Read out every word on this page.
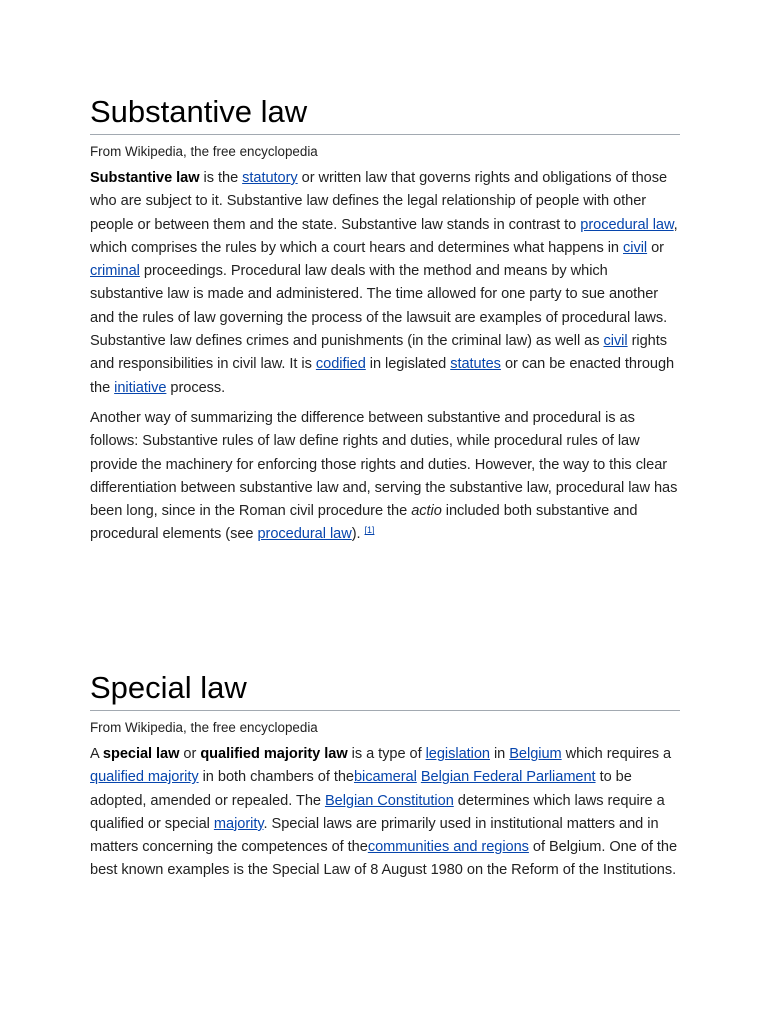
Substantive law
From Wikipedia, the free encyclopedia

Substantive law is the statutory or written law that governs rights and obligations of those who are subject to it. Substantive law defines the legal relationship of people with other people or between them and the state. Substantive law stands in contrast to procedural law, which comprises the rules by which a court hears and determines what happens in civil or criminal proceedings. Procedural law deals with the method and means by which substantive law is made and administered. The time allowed for one party to sue another and the rules of law governing the process of the lawsuit are examples of procedural laws. Substantive law defines crimes and punishments (in the criminal law) as well as civil rights and responsibilities in civil law. It is codified in legislated statutes or can be enacted through the initiative process.

Another way of summarizing the difference between substantive and procedural is as follows: Substantive rules of law define rights and duties, while procedural rules of law provide the machinery for enforcing those rights and duties. However, the way to this clear differentiation between substantive law and, serving the substantive law, procedural law has been long, since in the Roman civil procedure the actio included both substantive and procedural elements (see procedural law). [1]

Special law
From Wikipedia, the free encyclopedia

A special law or qualified majority law is a type of legislation in Belgium which requires a qualified majority in both chambers of thebicameral Belgian Federal Parliament to be adopted, amended or repealed. The Belgian Constitution determines which laws require a qualified or special majority. Special laws are primarily used in institutional matters and in matters concerning the competences of thecommunities and regions of Belgium. One of the best known examples is the Special Law of 8 August 1980 on the Reform of the Institutions.
